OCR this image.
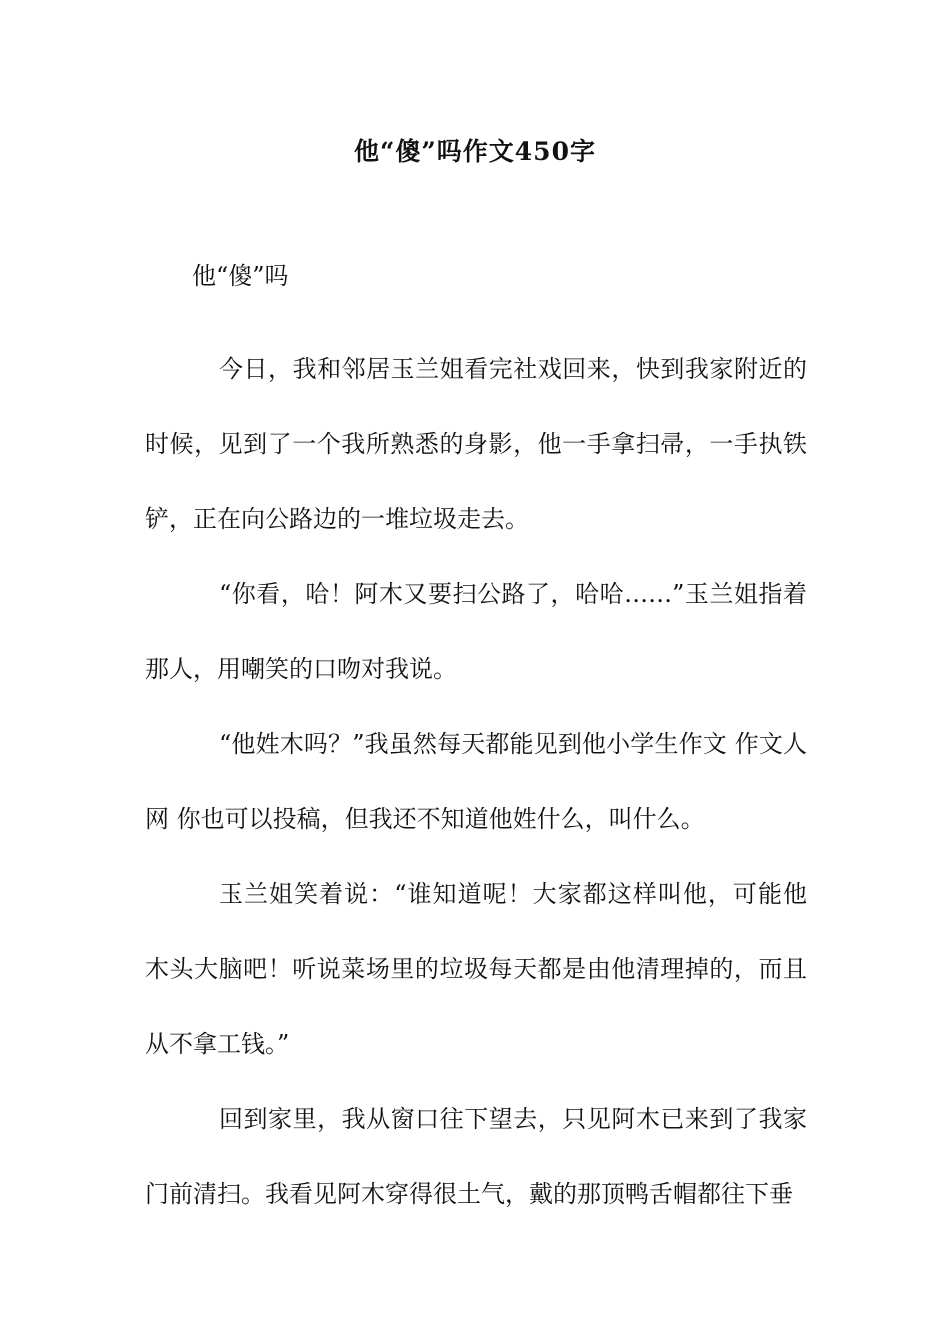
他“傻”吗作文450字
他“傻”吗

今日，我和邻居玉兰姐看完社戏回来，快到我家附近的时候，见到了一个我所熟悉的身影，他一手拿扫帚，一手执铁铲，正在向公路边的一堆垃圾走去。

“你看，哈！阿木又要扫公路了，哈哈……”玉兰姐指着那人，用嘲笑的口吻对我说。

“他姓木吗？”我虽然每天都能见到他小学生作文 作文人网 你也可以投稿，但我还不知道他姓什么，叫什么。

玉兰姐笑着说：“谁知道呢！大家都这样叫他，可能他木头大脑吧！听说菜场里的垃圾每天都是由他清理掉的，而且从不拿工钱。”

回到家里，我从窗口往下望去，只见阿木已来到了我家门前清扫。我看见阿木穿得很土气，戴的那顶鸭舌帽都往下垂
